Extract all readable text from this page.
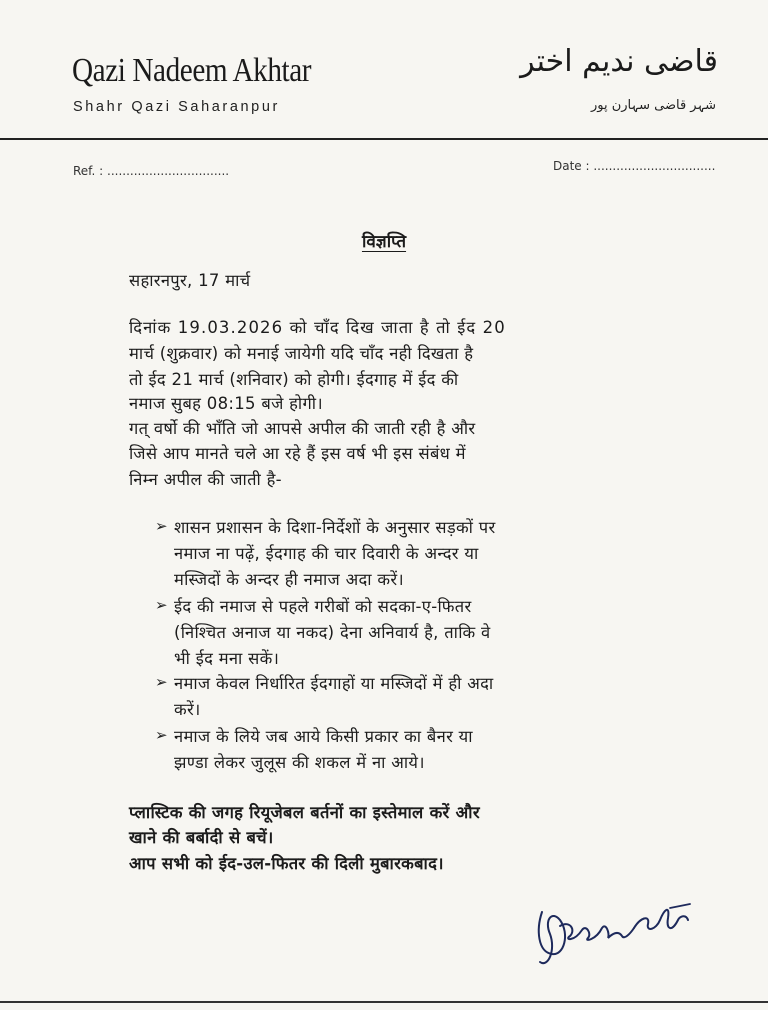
Qazi Nadeem Akhtar
Shahr Qazi Saharanpur
قاضی ندیم اختر
شہر قاضی سہارن پور
Ref. : ................................	Date : ................................
विज्ञप्ति
सहारनपुर, 17 मार्च
दिनांक 19.03.2026 को चाँद दिख जाता है तो ईद 20
मार्च (शुक्रवार) को मनाई जायेगी यदि चाँद नही दिखता है
तो ईद 21 मार्च (शनिवार) को होगी। ईदगाह में ईद की
नमाज सुबह 08:15 बजे होगी।
गत् वर्षो की भाँति जो आपसे अपील की जाती रही है और
जिसे आप मानते चले आ रहे हैं इस वर्ष भी इस संबंध में
निम्न अपील की जाती है-
➢ शासन प्रशासन के दिशा-निर्देशों के अनुसार सड़कों पर
नमाज ना पढ़ें, ईदगाह की चार दिवारी के अन्दर या
मस्जिदों के अन्दर ही नमाज अदा करें।
➢ ईद की नमाज से पहले गरीबों को सदका-ए-फितर
(निश्चित अनाज या नकद) देना अनिवार्य है, ताकि वे
भी ईद मना सकें।
➢ नमाज केवल निर्धारित ईदगाहों या मस्जिदों में ही अदा
करें।
➢ नमाज के लिये जब आये किसी प्रकार का बैनर या
झण्डा लेकर जुलूस की शकल में ना आये।
प्लास्टिक की जगह रियूजेबल बर्तनों का इस्तेमाल करें और
खाने की बर्बादी से बचें।
आप सभी को ईद-उल-फितर की दिली मुबारकबाद।
